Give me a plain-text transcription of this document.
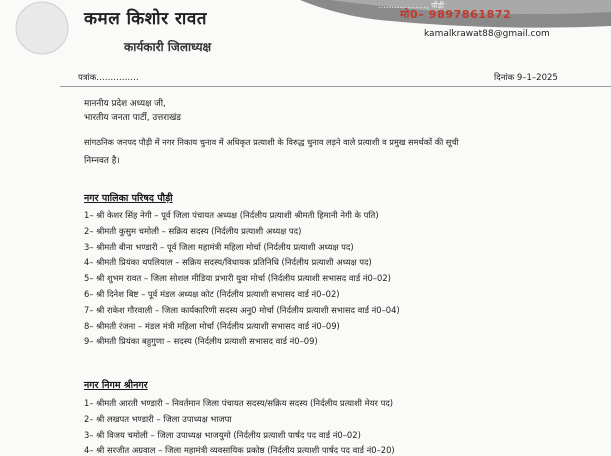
कमल किशोर रावत
कार्यकारी जिलाध्यक्ष
………………, पौड़ी
मो0– 9897861872
kamalkrawat88@gmail.com
पत्रांक……………	दिनांक 9–1–2025
माननीय प्रदेश अध्यक्ष जी,
भारतीय जनता पार्टी, उत्तराखंड
सांगठनिक जनपद पौड़ी में नगर निकाय चुनाव में अधिकृत प्रत्याशी के विरुद्ध चुनाव लड़ने वाले प्रत्याशी व प्रमुख समर्थकों की सूची
निम्नवत है।
नगर पालिका परिषद पौड़ी
1– श्री केशर सिंह नेगी – पूर्व जिला पंचायत अध्यक्ष (निर्दलीय प्रत्याशी श्रीमती हिमानी नेगी के पति)
2– श्रीमती कुसुम चमोली – सक्रिय सदस्य (निर्दलीय प्रत्याशी अध्यक्ष पद)
3– श्रीमती बीना भण्डारी – पूर्व जिला महामंत्री महिला मोर्चा (निर्दलीय प्रत्याशी अध्यक्ष पद)
4– श्रीमती प्रियंका थपलियाल – सक्रिय सदस्य/विधायक प्रतिनिधि (निर्दलीय प्रत्याशी अध्यक्ष पद)
5– श्री शुभम रावत – जिला सोशल मीडिया प्रभारी युवा मोर्चा (निर्दलीय प्रत्याशी सभासद वार्ड नं0–02)
6– श्री दिनेश बिष्ट – पूर्व मंडल अध्यक्ष कोट (निर्दलीय प्रत्याशी सभासद वार्ड नं0–02)
7– श्री राकेश गौरवाली – जिला कार्यकारिणी सदस्य अनु0 मोर्चा (निर्दलीय प्रत्याशी सभासद वार्ड नं0–04)
8– श्रीमती रंजना – मंडल मंत्री महिला मोर्चा (निर्दलीय प्रत्याशी सभासद वार्ड नं0–09)
9– श्रीमती प्रियंका बहुगुणा – सदस्य (निर्दलीय प्रत्याशी सभासद वार्ड नं0–09)
नगर निगम श्रीनगर
1– श्रीमती आरती भण्डारी – निवर्तमान जिला पंचायत सदस्य/सक्रिय सदस्य (निर्दलीय प्रत्याशी मेयर पद)
2– श्री लखपत भण्डारी – जिला उपाध्यक्ष भाजपा
3– श्री विजय चमोली – जिला उपाध्यक्ष भाजयुमो (निर्दलीय प्रत्याशी पार्षद पद वार्ड नं0–02)
4– श्री सरजीत अग्रवाल – जिला महामंत्री व्यवसायिक प्रकोष्ठ (निर्दलीय प्रत्याशी पार्षद पद वार्ड नं0–20)
